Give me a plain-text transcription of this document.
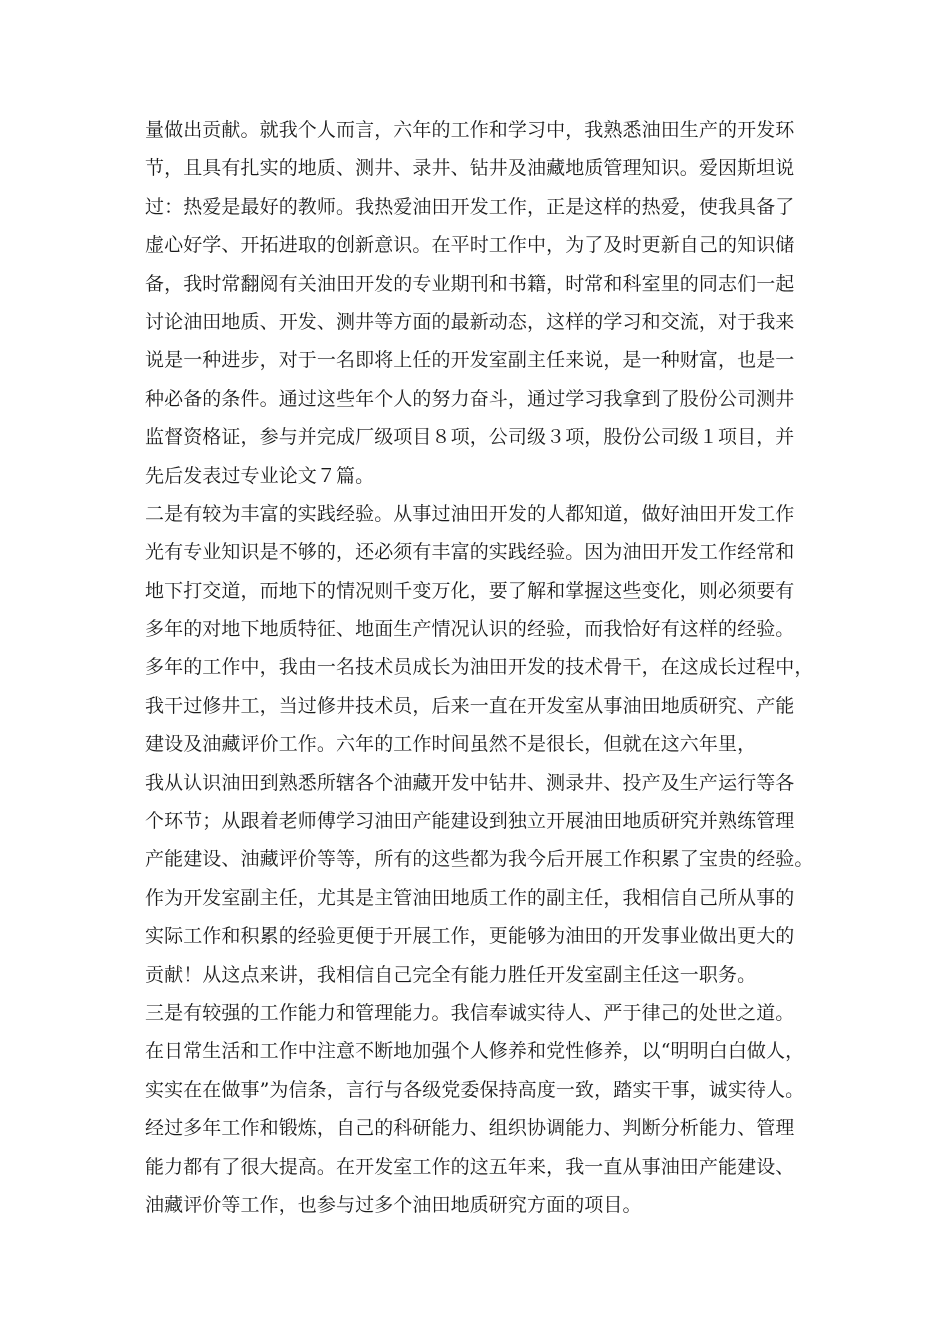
量做出贡献。就我个人而言，六年的工作和学习中，我熟悉油田生产的开发环
节，且具有扎实的地质、测井、录井、钻井及油藏地质管理知识。爱因斯坦说
过：热爱是最好的教师。我热爱油田开发工作，正是这样的热爱，使我具备了
虚心好学、开拓进取的创新意识。在平时工作中，为了及时更新自己的知识储
备，我时常翻阅有关油田开发的专业期刊和书籍，时常和科室里的同志们一起
讨论油田地质、开发、测井等方面的最新动态，这样的学习和交流，对于我来
说是一种进步，对于一名即将上任的开发室副主任来说，是一种财富，也是一
种必备的条件。通过这些年个人的努力奋斗，通过学习我拿到了股份公司测井
监督资格证，参与并完成厂级项目８项，公司级３项，股份公司级１项目，并
先后发表过专业论文７篇。
二是有较为丰富的实践经验。从事过油田开发的人都知道，做好油田开发工作
光有专业知识是不够的，还必须有丰富的实践经验。因为油田开发工作经常和
地下打交道，而地下的情况则千变万化，要了解和掌握这些变化，则必须要有
多年的对地下地质特征、地面生产情况认识的经验，而我恰好有这样的经验。
多年的工作中，我由一名技术员成长为油田开发的技术骨干，在这成长过程中，
我干过修井工，当过修井技术员，后来一直在开发室从事油田地质研究、产能
建设及油藏评价工作。六年的工作时间虽然不是很长，但就在这六年里，
我从认识油田到熟悉所辖各个油藏开发中钻井、测录井、投产及生产运行等各
个环节；从跟着老师傅学习油田产能建设到独立开展油田地质研究并熟练管理
产能建设、油藏评价等等，所有的这些都为我今后开展工作积累了宝贵的经验。
作为开发室副主任，尤其是主管油田地质工作的副主任，我相信自己所从事的
实际工作和积累的经验更便于开展工作，更能够为油田的开发事业做出更大的
贡献！从这点来讲，我相信自己完全有能力胜任开发室副主任这一职务。
三是有较强的工作能力和管理能力。我信奉诚实待人、严于律己的处世之道。
在日常生活和工作中注意不断地加强个人修养和党性修养，以“明明白白做人，
实实在在做事”为信条，言行与各级党委保持高度一致，踏实干事，诚实待人。
经过多年工作和锻炼，自己的科研能力、组织协调能力、判断分析能力、管理
能力都有了很大提高。在开发室工作的这五年来，我一直从事油田产能建设、
油藏评价等工作，也参与过多个油田地质研究方面的项目。
